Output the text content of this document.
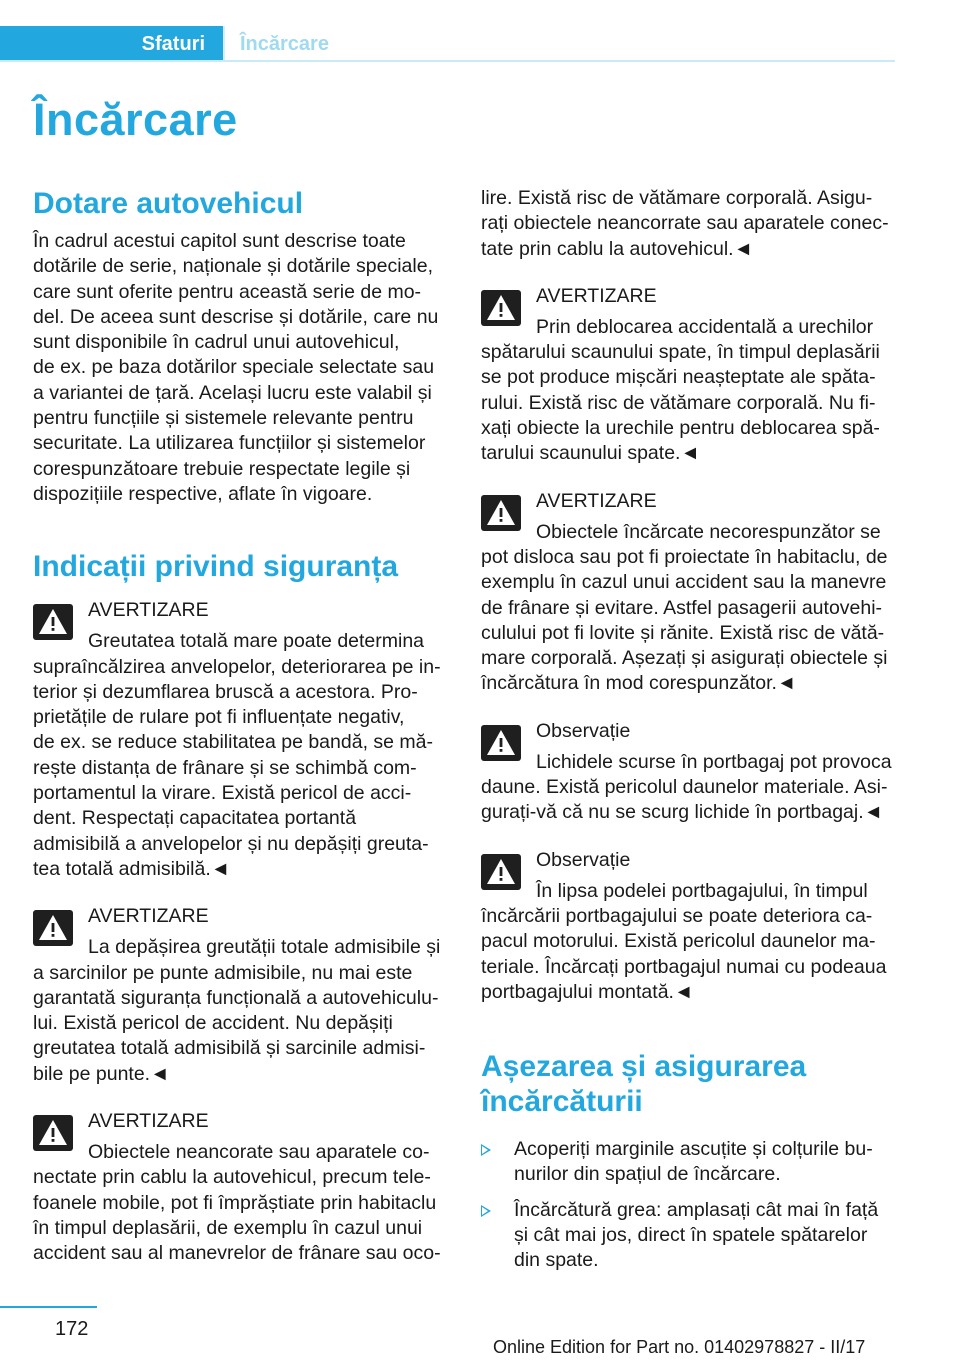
Sfaturi Încărcare
Încărcare
Dotare autovehicul

În cadrul acestui capitol sunt descrise toate
dotările de serie, naționale și dotările speciale,
care sunt oferite pentru această serie de mo‐
del. De aceea sunt descrise și dotările, care nu
sunt disponibile în cadrul unui autovehicul,
de ex. pe baza dotărilor speciale selectate sau
a variantei de țară. Același lucru este valabil și
pentru funcțiile și sistemele relevante pentru
securitate. La utilizarea funcțiilor și sistemelor
corespunzătoare trebuie respectate legile și
dispozițiile respective, aflate în vigoare.

Indicații privind siguranța
AVERTIZARE
Greutatea totală mare poate determina
supraîncălzirea anvelopelor, deteriorarea pe in‐
terior și dezumflarea bruscă a acestora. Pro‐
prietățile de rulare pot fi influențate negativ,
de ex. se reduce stabilitatea pe bandă, se mă‐
rește distanța de frânare și se schimbă com‐
portamentul la virare. Există pericol de acci‐
dent. Respectați capacitatea portantă
admisibilă a anvelopelor și nu depășiți greuta‐
tea totală admisibilă.◄
AVERTIZARE
La depășirea greutății totale admisibile și
a sarcinilor pe punte admisibile, nu mai este
garantată siguranța funcțională a autovehiculu‐
lui. Există pericol de accident. Nu depășiți
greutatea totală admisibilă și sarcinile admisi‐
bile pe punte.◄
AVERTIZARE
Obiectele neancorate sau aparatele co‐
nectate prin cablu la autovehicul, precum tele‐
foanele mobile, pot fi împrăștiate prin habitaclu
în timpul deplasării, de exemplu în cazul unui
accident sau al manevrelor de frânare sau oco‐

lire. Există risc de vătămare corporală. Asigu‐
rați obiectele neancorrate sau aparatele conec‐
tate prin cablu la autovehicul.◄

AVERTIZARE
Prin deblocarea accidentală a urechilor
spătarului scaunului spate, în timpul deplasării
se pot produce mișcări neașteptate ale spăta‐
rului. Există risc de vătămare corporală. Nu fi‐
xați obiecte la urechile pentru deblocarea spă‐
tarului scaunului spate.◄
AVERTIZARE
Obiectele încărcate necorespunzător se
pot disloca sau pot fi proiectate în habitaclu, de
exemplu în cazul unui accident sau la manevre
de frânare și evitare. Astfel pasagerii autovehi‐
culului pot fi lovite și rănite. Există risc de vătă‐
mare corporală. Așezați și asigurați obiectele și
încărcătura în mod corespunzător.◄
Observație
Lichidele scurse în portbagaj pot provoca
daune. Există pericolul daunelor materiale. Asi‐
gurați-vă că nu se scurg lichide în portbagaj.◄
Observație
În lipsa podelei portbagajului, în timpul
încărcării portbagajului se poate deteriora ca‐
pacul motorului. Există pericolul daunelor ma‐
teriale. Încărcați portbagajul numai cu podeaua
portbagajului montată.◄
Așezarea și asigurarea
încărcăturii
Acoperiți marginile ascuțite și colțurile bu‐
nurilor din spațiul de încărcare.
Încărcătură grea: amplasați cât mai în față
și cât mai jos, direct în spatele spătarelor
din spate.
172
Online Edition for Part no. 01402978827 - II/17
